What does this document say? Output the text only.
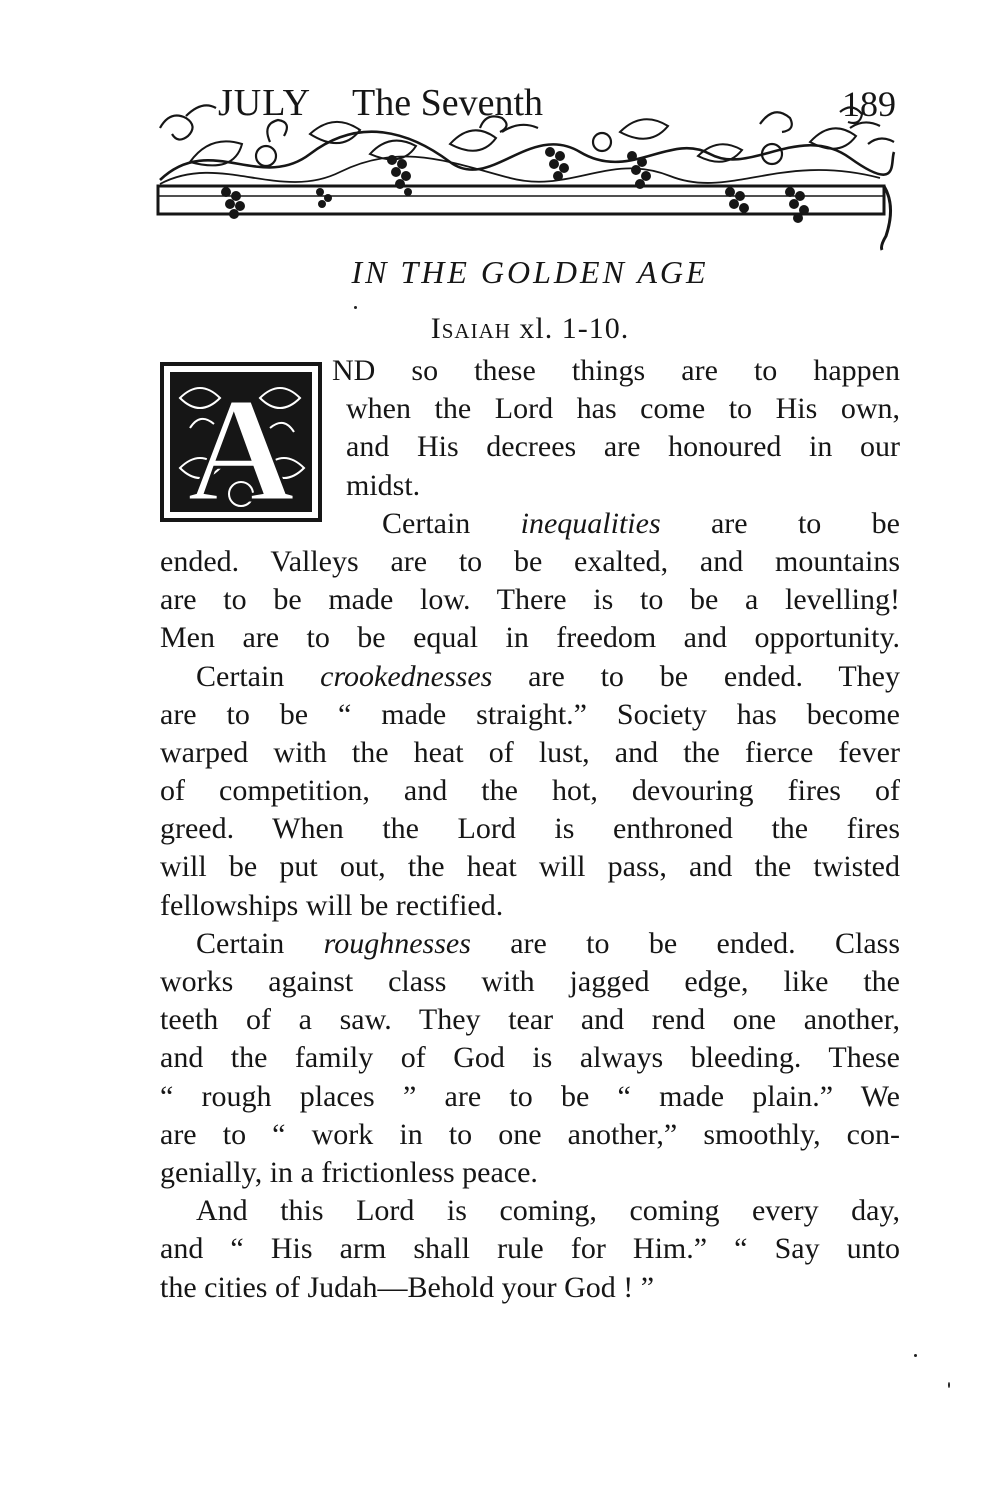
JULY The Seventh	189
IN THE GOLDEN AGE
Isaiah xl. 1-10.
A ND so these things are to happen
when the Lord has come to His own,
and His decrees are honoured in our
midst.
Certain inequalities are to be
ended. Valleys are to be exalted, and mountains
are to be made low. There is to be a levelling!
Men are to be equal in freedom and opportunity.
Certain crookednesses are to be ended. They
are to be “ made straight.” Society has become
warped with the heat of lust, and the fierce fever
of competition, and the hot, devouring fires of
greed. When the Lord is enthroned the fires
will be put out, the heat will pass, and the twisted
fellowships will be rectified.
Certain roughnesses are to be ended. Class
works against class with jagged edge, like the
teeth of a saw. They tear and rend one another,
and the family of God is always bleeding. These
“ rough places ” are to be “ made plain.” We
are to “ work in to one another,” smoothly, con-
genially, in a frictionless peace.
And this Lord is coming, coming every day,
and “ His arm shall rule for Him.” “ Say unto
the cities of Judah—Behold your God ! ”
